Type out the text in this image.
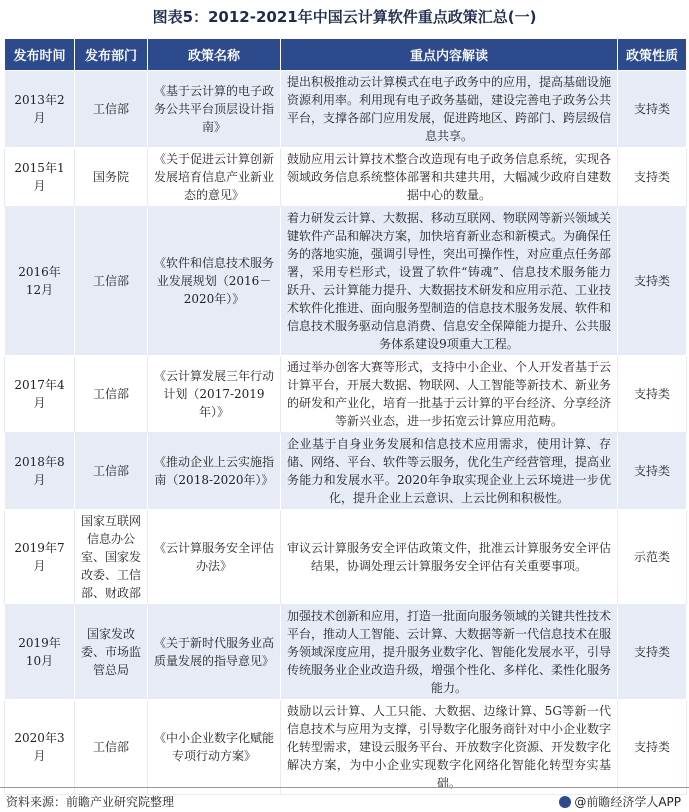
图表5：2012-2021年中国云计算软件重点政策汇总(一)
发布时间	发布部门	政策名称	重点内容解读	政策性质
2013年2月	工信部	《基于云计算的电子政务公共平台顶层设计指南》	提出积极推动云计算模式在电子政务中的应用，提高基础设施资源利用率。利用现有电子政务基础，建设完善电子政务公共平台，支撑各部门应用发展，促进跨地区、跨部门、跨层级信息共享。	支持类
2015年1月	国务院	《关于促进云计算创新发展培育信息产业新业态的意见》	鼓励应用云计算技术整合改造现有电子政务信息系统，实现各领域政务信息系统整体部署和共建共用，大幅减少政府自建数据中心的数量。	支持类
2016年12月	工信部	《软件和信息技术服务业发展规划（2016－2020年）》	着力研发云计算、大数据、移动互联网、物联网等新兴领域关键软件产品和解决方案，加快培育新业态和新模式。为确保任务的落地实施，强调引导性，突出可操作性，对应重点任务部署，采用专栏形式，设置了软件“铸魂”、信息技术服务能力跃升、云计算能力提升、大数据技术研发和应用示范、工业技术软件化推进、面向服务型制造的信息技术服务发展、软件和信息技术服务驱动信息消费、信息安全保障能力提升、公共服务体系建设9项重大工程。	支持类
2017年4月	工信部	《云计算发展三年行动计划（2017-2019年）》	通过举办创客大赛等形式，支持中小企业、个人开发者基于云计算平台，开展大数据、物联网、人工智能等新技术、新业务的研发和产业化，培育一批基于云计算的平台经济、分享经济等新兴业态，进一步拓宽云计算应用范畴。	支持类
2018年8月	工信部	《推动企业上云实施指南（2018-2020年）》	企业基于自身业务发展和信息技术应用需求，使用计算、存储、网络、平台、软件等云服务，优化生产经营管理，提高业务能力和发展水平。2020年争取实现企业上云环境进一步优化，提升企业上云意识、上云比例和积极性。	支持类
2019年7月	国家互联网信息办公室、国家发改委、工信部、财政部	《云计算服务安全评估办法》	审议云计算服务安全评估政策文件，批准云计算服务安全评估结果，协调处理云计算服务安全评估有关重要事项。	示范类
2019年10月	国家发改委、市场监管总局	《关于新时代服务业高质量发展的指导意见》	加强技术创新和应用，打造一批面向服务领域的关键共性技术平台，推动人工智能、云计算、大数据等新一代信息技术在服务领域深度应用，提升服务业数字化、智能化发展水平，引导传统服务业企业改造升级，增强个性化、多样化、柔性化服务能力。	支持类
2020年3月	工信部	《中小企业数字化赋能专项行动方案》	鼓励以云计算、人工只能、大数据、边缘计算、5G等新一代信息技术与应用为支撑，引导数字化服务商针对中小企业数字化转型需求，建设云服务平台、开放数字化资源、开发数字化解决方案，为中小企业实现数字化网络化智能化转型夯实基础。	支持类
资料来源：前瞻产业研究院整理	@前瞻经济学人APP
